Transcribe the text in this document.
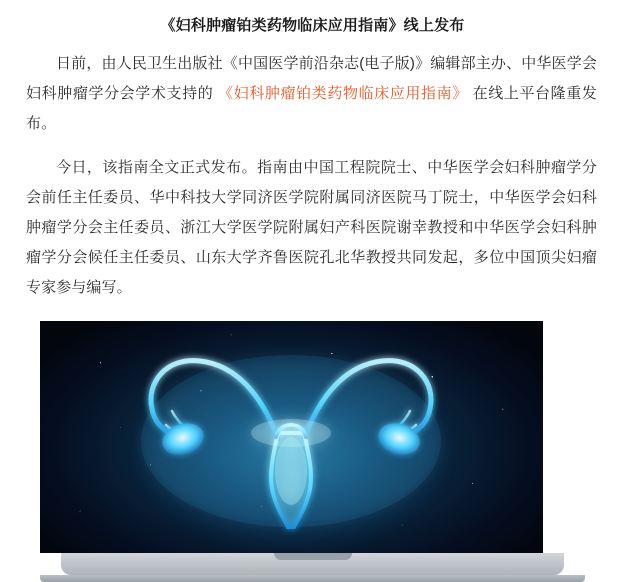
《妇科肿瘤铂类药物临床应用指南》线上发布

日前，由人民卫生出版社《中国医学前沿杂志(电子版)》编辑部主办、中华医学会妇科肿瘤学分会学术支持的 《妇科肿瘤铂类药物临床应用指南》 在线上平台隆重发布。

今日，该指南全文正式发布。指南由中国工程院院士、中华医学会妇科肿瘤学分会前任主任委员、华中科技大学同济医学院附属同济医院马丁院士，中华医学会妇科肿瘤学分会主任委员、浙江大学医学院附属妇产科医院谢幸教授和中华医学会妇科肿瘤学分会候任主任委员、山东大学齐鲁医院孔北华教授共同发起，多位中国顶尖妇瘤专家参与编写。
